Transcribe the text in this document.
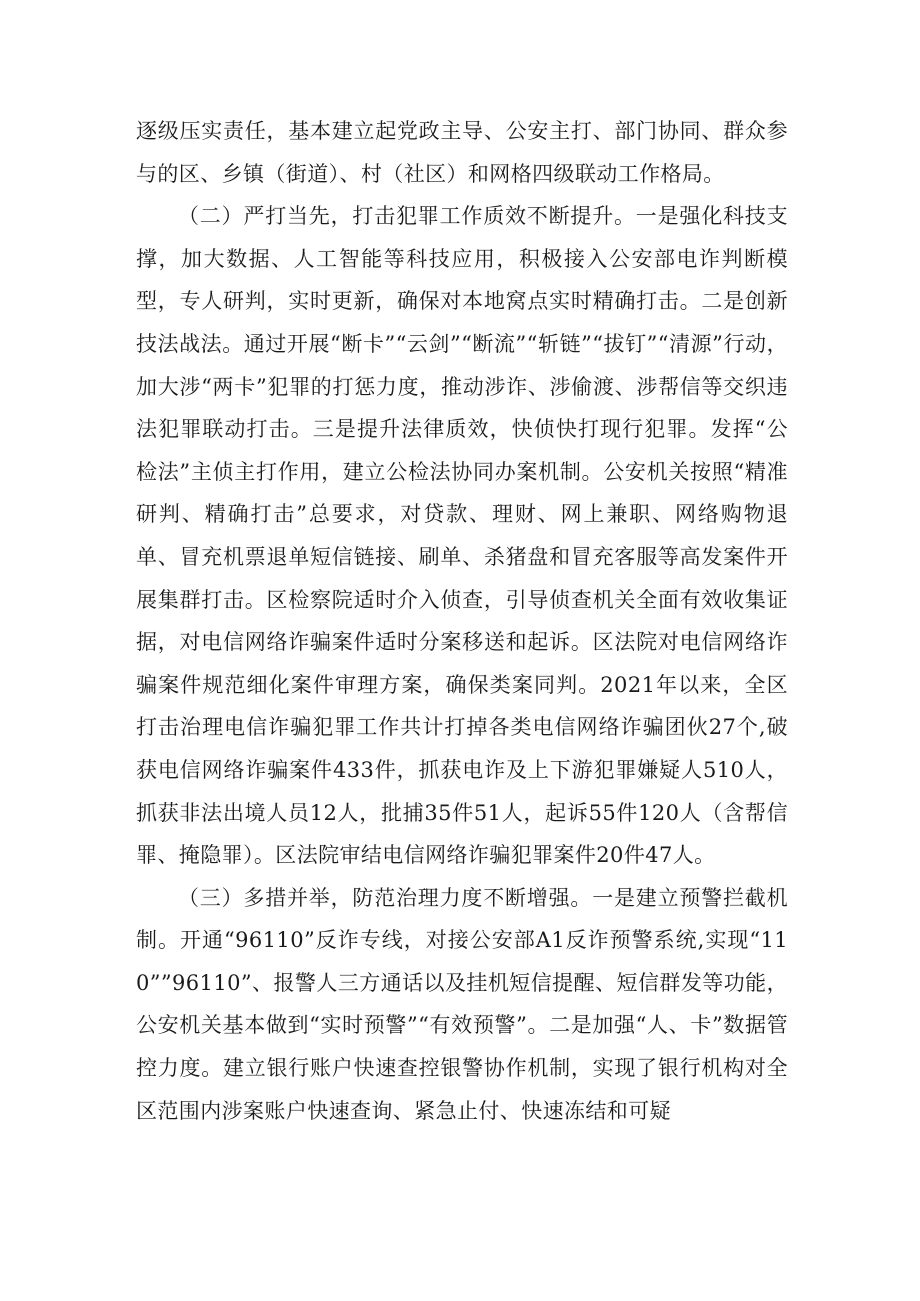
逐级压实责任，基本建立起党政主导、公安主打、部门协同、群众参与的区、乡镇（街道）、村（社区）和网格四级联动工作格局。

（二）严打当先，打击犯罪工作质效不断提升。一是强化科技支撑，加大数据、人工智能等科技应用，积极接入公安部电诈判断模型，专人研判，实时更新，确保对本地窝点实时精确打击。二是创新技法战法。通过开展“断卡”“云剑”“断流”“斩链”“拔钉”“清源”行动，加大涉“两卡”犯罪的打惩力度，推动涉诈、涉偷渡、涉帮信等交织违法犯罪联动打击。三是提升法律质效，快侦快打现行犯罪。发挥“公检法”主侦主打作用，建立公检法协同办案机制。公安机关按照“精准研判、精确打击”总要求，对贷款、理财、网上兼职、网络购物退单、冒充机票退单短信链接、刷单、杀猪盘和冒充客服等高发案件开展集群打击。区检察院适时介入侦查，引导侦查机关全面有效收集证据，对电信网络诈骗案件适时分案移送和起诉。区法院对电信网络诈骗案件规范细化案件审理方案，确保类案同判。2021年以来，全区打击治理电信诈骗犯罪工作共计打掉各类电信网络诈骗团伙27个,破获电信网络诈骗案件433件，抓获电诈及上下游犯罪嫌疑人510人，抓获非法出境人员12人，批捕35件51人，起诉55件120人（含帮信罪、掩隐罪）。区法院审结电信网络诈骗犯罪案件20件47人。

（三）多措并举，防范治理力度不断增强。一是建立预警拦截机制。开通“96110”反诈专线，对接公安部A1反诈预警系统,实现“110””96110”、报警人三方通话以及挂机短信提醒、短信群发等功能，公安机关基本做到“实时预警”“有效预警”。二是加强“人、卡”数据管控力度。建立银行账户快速查控银警协作机制，实现了银行机构对全区范围内涉案账户快速查询、紧急止付、快速冻结和可疑
